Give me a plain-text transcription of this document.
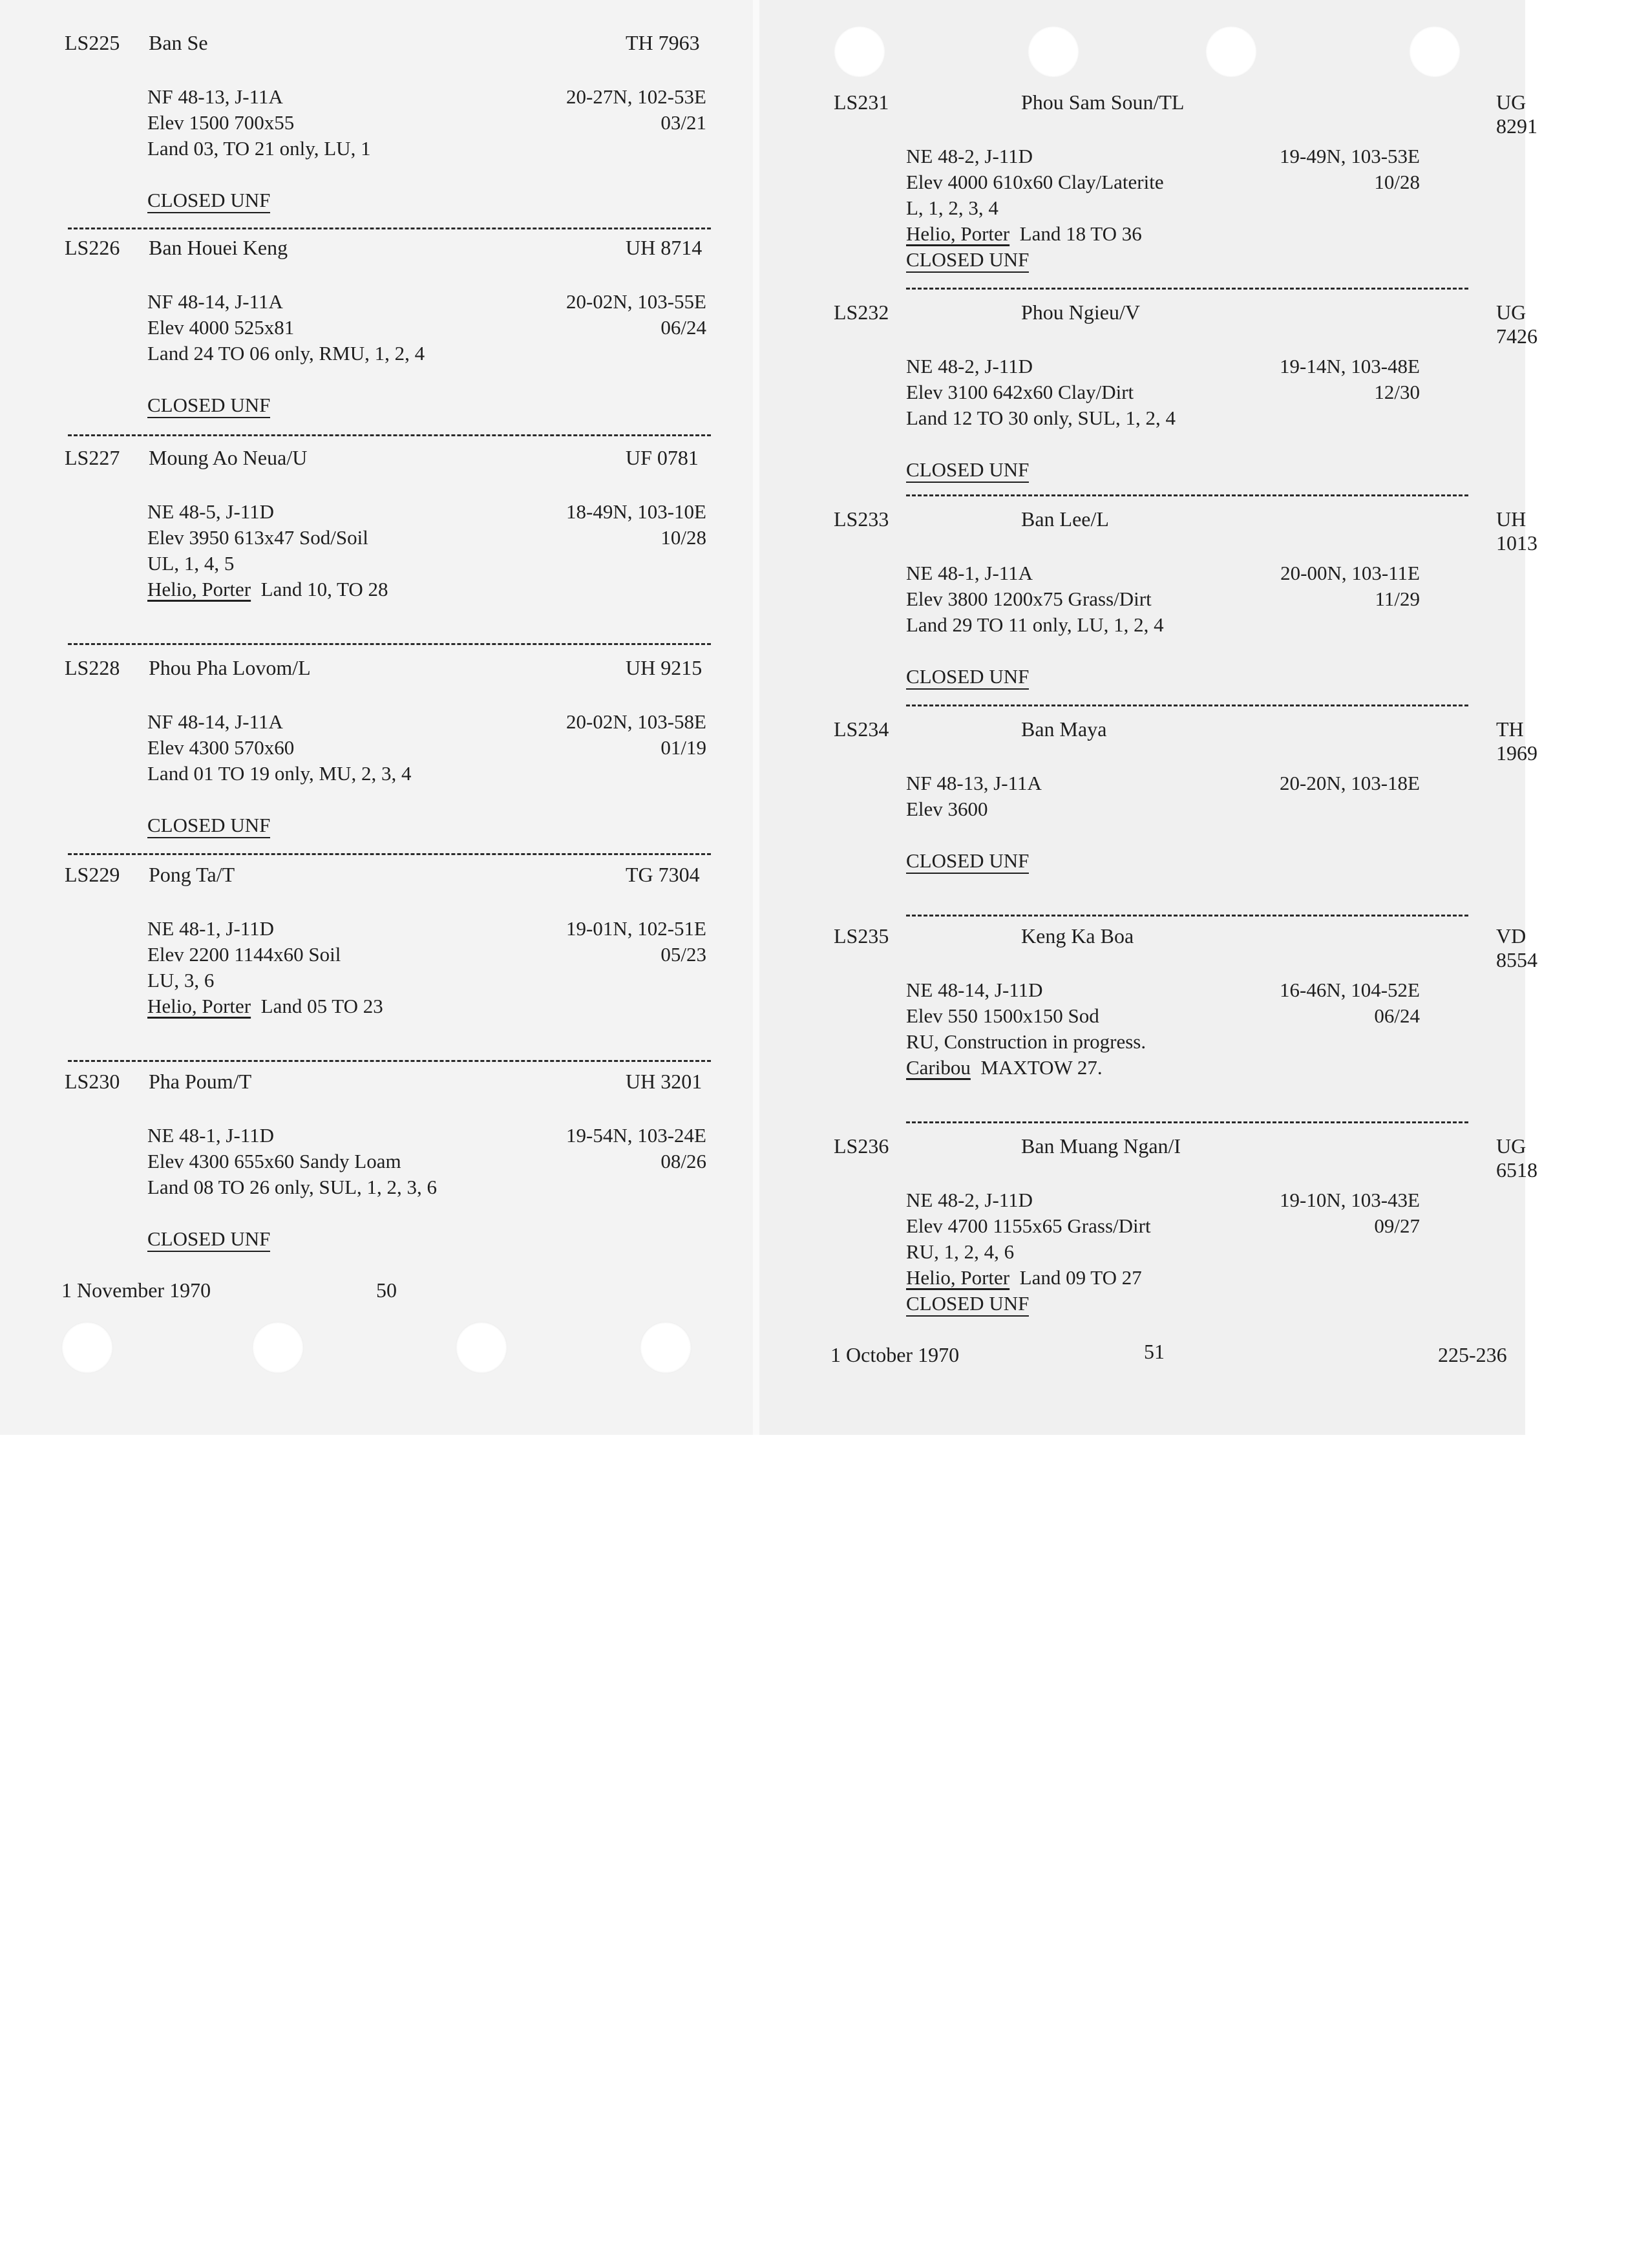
LS225 Ban Se	TH 7963
NF 48-13, J-11A	20-27N, 102-53E
Elev 1500 700x55	03/21
Land 03, TO 21 only, LU, 1
CLOSED UNF
LS226 Ban Houei Keng	UH 8714
NF 48-14, J-11A	20-02N, 103-55E
Elev 4000 525x81	06/24
Land 24 TO 06 only, RMU, 1, 2, 4
CLOSED UNF
LS227 Moung Ao Neua/U	UF 0781
NE 48-5, J-11D	18-49N, 103-10E
Elev 3950 613x47 Sod/Soil	10/28
UL, 1, 4, 5
Helio, Porter  Land 10, TO 28
LS228 Phou Pha Lovom/L	UH 9215
NF 48-14, J-11A	20-02N, 103-58E
Elev 4300 570x60	01/19
Land 01 TO 19 only, MU, 2, 3, 4
CLOSED UNF
LS229 Pong Ta/T	TG 7304
NE 48-1, J-11D	19-01N, 102-51E
Elev 2200 1144x60 Soil	05/23
LU, 3, 6
Helio, Porter  Land 05 TO 23
LS230 Pha Poum/T	UH 3201
NE 48-1, J-11D	19-54N, 103-24E
Elev 4300 655x60 Sandy Loam	08/26
Land 08 TO 26 only, SUL, 1, 2, 3, 6
CLOSED UNF
1 November 1970	50
LS231	Phou Sam Soun/TL	UG 8291
NE 48-2, J-11D	19-49N, 103-53E
Elev 4000 610x60 Clay/Laterite	10/28
L, 1, 2, 3, 4
Helio, Porter  Land 18 TO 36
CLOSED UNF
LS232	Phou Ngieu/V	UG 7426
NE 48-2, J-11D	19-14N, 103-48E
Elev 3100 642x60 Clay/Dirt	12/30
Land 12 TO 30 only, SUL, 1, 2, 4
CLOSED UNF
LS233	Ban Lee/L	UH 1013
NE 48-1, J-11A	20-00N, 103-11E
Elev 3800 1200x75 Grass/Dirt	11/29
Land 29 TO 11 only, LU, 1, 2, 4
CLOSED UNF
LS234	Ban Maya	TH 1969
NF 48-13, J-11A	20-20N, 103-18E
Elev 3600
CLOSED UNF
LS235	Keng Ka Boa	VD 8554
NE 48-14, J-11D	16-46N, 104-52E
Elev 550 1500x150 Sod	06/24
RU, Construction in progress.
Caribou  MAXTOW 27.
LS236	Ban Muang Ngan/I	UG 6518
NE 48-2, J-11D	19-10N, 103-43E
Elev 4700 1155x65 Grass/Dirt	09/27
RU, 1, 2, 4, 6
Helio, Porter  Land 09 TO 27
CLOSED UNF
1 October 1970	51	225-236
